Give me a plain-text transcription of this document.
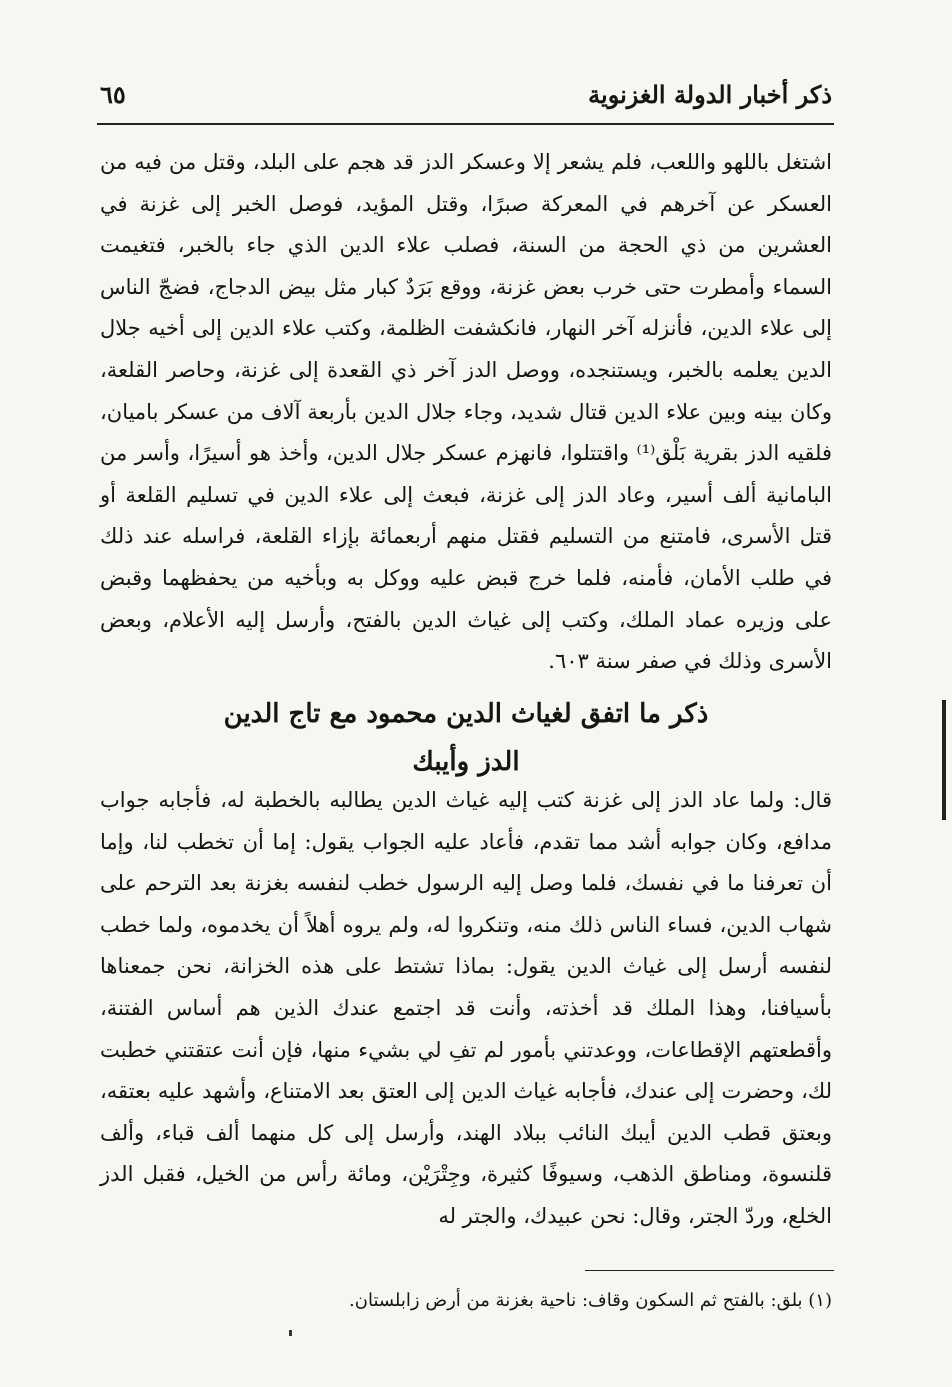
ذكر أخبار الدولة الغزنوية
٦٥

اشتغل باللهو واللعب، فلم يشعر إلا وعسكر الدز قد هجم على البلد، وقتل من فيه من العسكر عن آخرهم في المعركة صبرًا، وقتل المؤيد، فوصل الخبر إلى غزنة في العشرين من ذي الحجة من السنة، فصلب علاء الدين الذي جاء بالخبر، فتغيمت السماء وأمطرت حتى خرب بعض غزنة، ووقع بَرَدٌ كبار مثل بيض الدجاج، فضجّ الناس إلى علاء الدين، فأنزله آخر النهار، فانكشفت الظلمة، وكتب علاء الدين إلى أخيه جلال الدين يعلمه بالخبر، ويستنجده، ووصل الدز آخر ذي القعدة إلى غزنة، وحاصر القلعة، وكان بينه وبين علاء الدين قتال شديد، وجاء جلال الدين بأربعة آلاف من عسكر باميان، فلقيه الدز بقرية بَلْق⁽¹⁾ واقتتلوا، فانهزم عسكر جلال الدين، وأخذ هو أسيرًا، وأسر من البامانية ألف أسير، وعاد الدز إلى غزنة، فبعث إلى علاء الدين في تسليم القلعة أو قتل الأسرى، فامتنع من التسليم فقتل منهم أربعمائة بإزاء القلعة، فراسله عند ذلك في طلب الأمان، فأمنه، فلما خرج قبض عليه ووكل به وبأخيه من يحفظهما وقبض على وزيره عماد الملك، وكتب إلى غياث الدين بالفتح، وأرسل إليه الأعلام، وبعض الأسرى وذلك في صفر سنة ٦٠٣.

ذكر ما اتفق لغياث الدين محمود مع تاج الدين
الدز وأيبك

قال: ولما عاد الدز إلى غزنة كتب إليه غياث الدين يطالبه بالخطبة له، فأجابه جواب مدافع، وكان جوابه أشد مما تقدم، فأعاد عليه الجواب يقول: إما أن تخطب لنا، وإما أن تعرفنا ما في نفسك، فلما وصل إليه الرسول خطب لنفسه بغزنة بعد الترحم على شهاب الدين، فساء الناس ذلك منه، وتنكروا له، ولم يروه أهلاً أن يخدموه، ولما خطب لنفسه أرسل إلى غياث الدين يقول: بماذا تشتط على هذه الخزانة، نحن جمعناها بأسيافنا، وهذا الملك قد أخذته، وأنت قد اجتمع عندك الذين هم أساس الفتنة، وأقطعتهم الإقطاعات، ووعدتني بأمور لم تفِ لي بشيء منها، فإن أنت عتقتني خطبت لك، وحضرت إلى عندك، فأجابه غياث الدين إلى العتق بعد الامتناع، وأشهد عليه بعتقه، وبعتق قطب الدين أيبك النائب ببلاد الهند، وأرسل إلى كل منهما ألف قباء، وألف قلنسوة، ومناطق الذهب، وسيوفًا كثيرة، وجِتْرَيْن، ومائة رأس من الخيل، فقبل الدز الخلع، وردّ الجتر، وقال: نحن عبيدك، والجتر له

(١) بلق: بالفتح ثم السكون وقاف: ناحية بغزنة من أرض زابلستان.
